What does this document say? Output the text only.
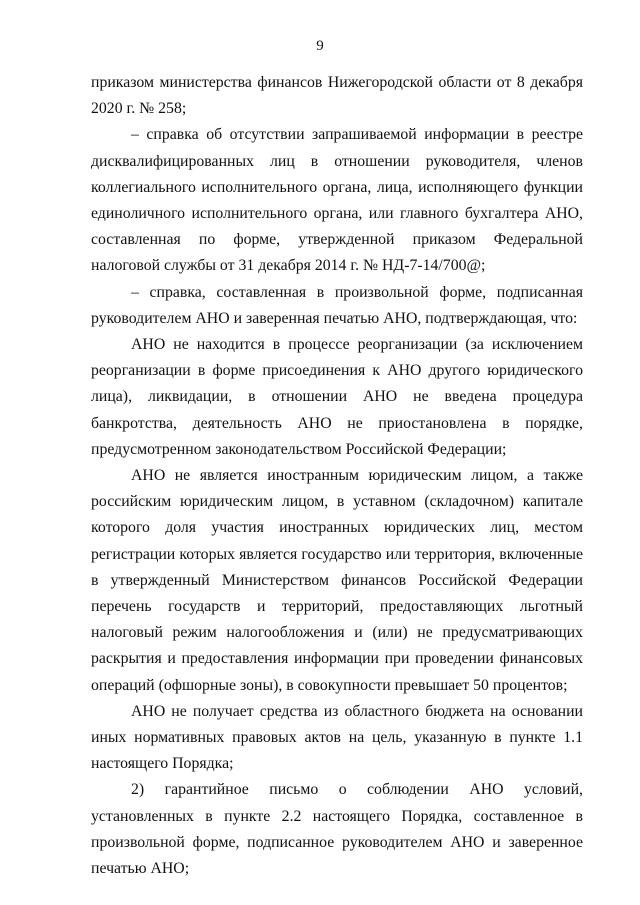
9

приказом министерства финансов Нижегородской области от 8 декабря 2020 г. № 258;

– справка об отсутствии запрашиваемой информации в реестре дисквалифицированных лиц в отношении руководителя, членов коллегиального исполнительного органа, лица, исполняющего функции единоличного исполнительного органа, или главного бухгалтера АНО, составленная по форме, утвержденной приказом Федеральной налоговой службы от 31 декабря 2014 г. № НД-7-14/700@;

– справка, составленная в произвольной форме, подписанная руководителем АНО и заверенная печатью АНО, подтверждающая, что:

АНО не находится в процессе реорганизации (за исключением реорганизации в форме присоединения к АНО другого юридического лица), ликвидации, в отношении АНО не введена процедура банкротства, деятельность АНО не приостановлена в порядке, предусмотренном законодательством Российской Федерации;

АНО не является иностранным юридическим лицом, а также российским юридическим лицом, в уставном (складочном) капитале которого доля участия иностранных юридических лиц, местом регистрации которых является государство или территория, включенные в утвержденный Министерством финансов Российской Федерации перечень государств и территорий, предоставляющих льготный налоговый режим налогообложения и (или) не предусматривающих раскрытия и предоставления информации при проведении финансовых операций (офшорные зоны), в совокупности превышает 50 процентов;

АНО не получает средства из областного бюджета на основании иных нормативных правовых актов на цель, указанную в пункте 1.1 настоящего Порядка;

2) гарантийное письмо о соблюдении АНО условий, установленных в пункте 2.2 настоящего Порядка, составленное в произвольной форме, подписанное руководителем АНО и заверенное печатью АНО;
